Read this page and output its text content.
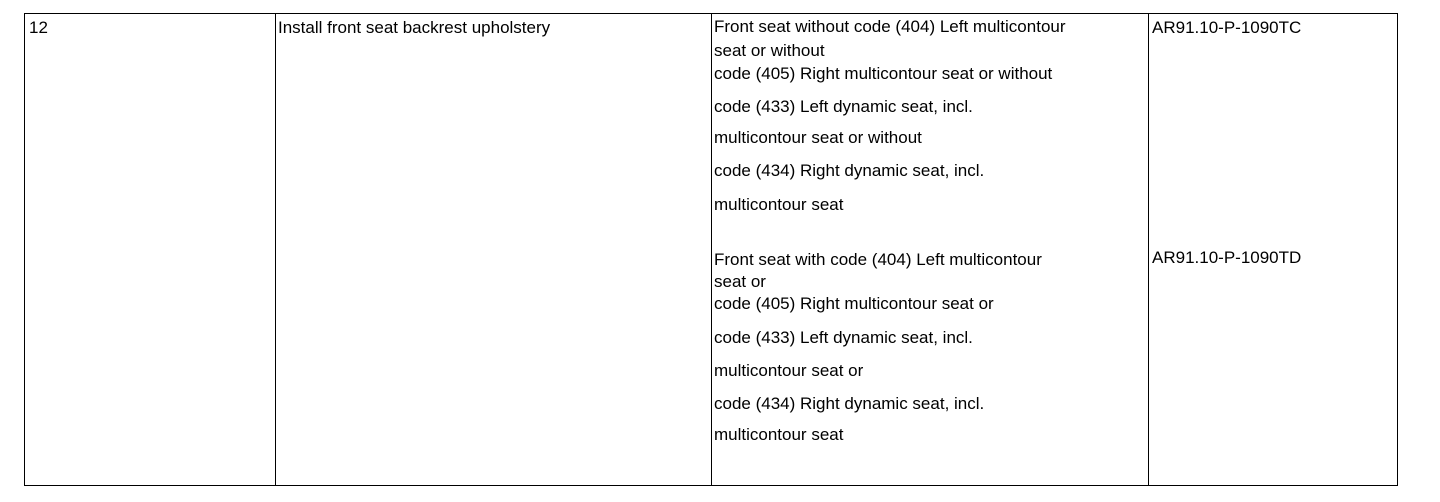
12	Install front seat backrest upholstery	Front seat without code (404) Left multicontour
seat or without
code (405) Right multicontour seat or without
code (433) Left dynamic seat, incl.
multicontour seat or without
code (434) Right dynamic seat, incl.
multicontour seat
AR91.10-P-1090TC
Front seat with code (404) Left multicontour
seat or
code (405) Right multicontour seat or
code (433) Left dynamic seat, incl.
multicontour seat or
code (434) Right dynamic seat, incl.
multicontour seat
AR91.10-P-1090TD
